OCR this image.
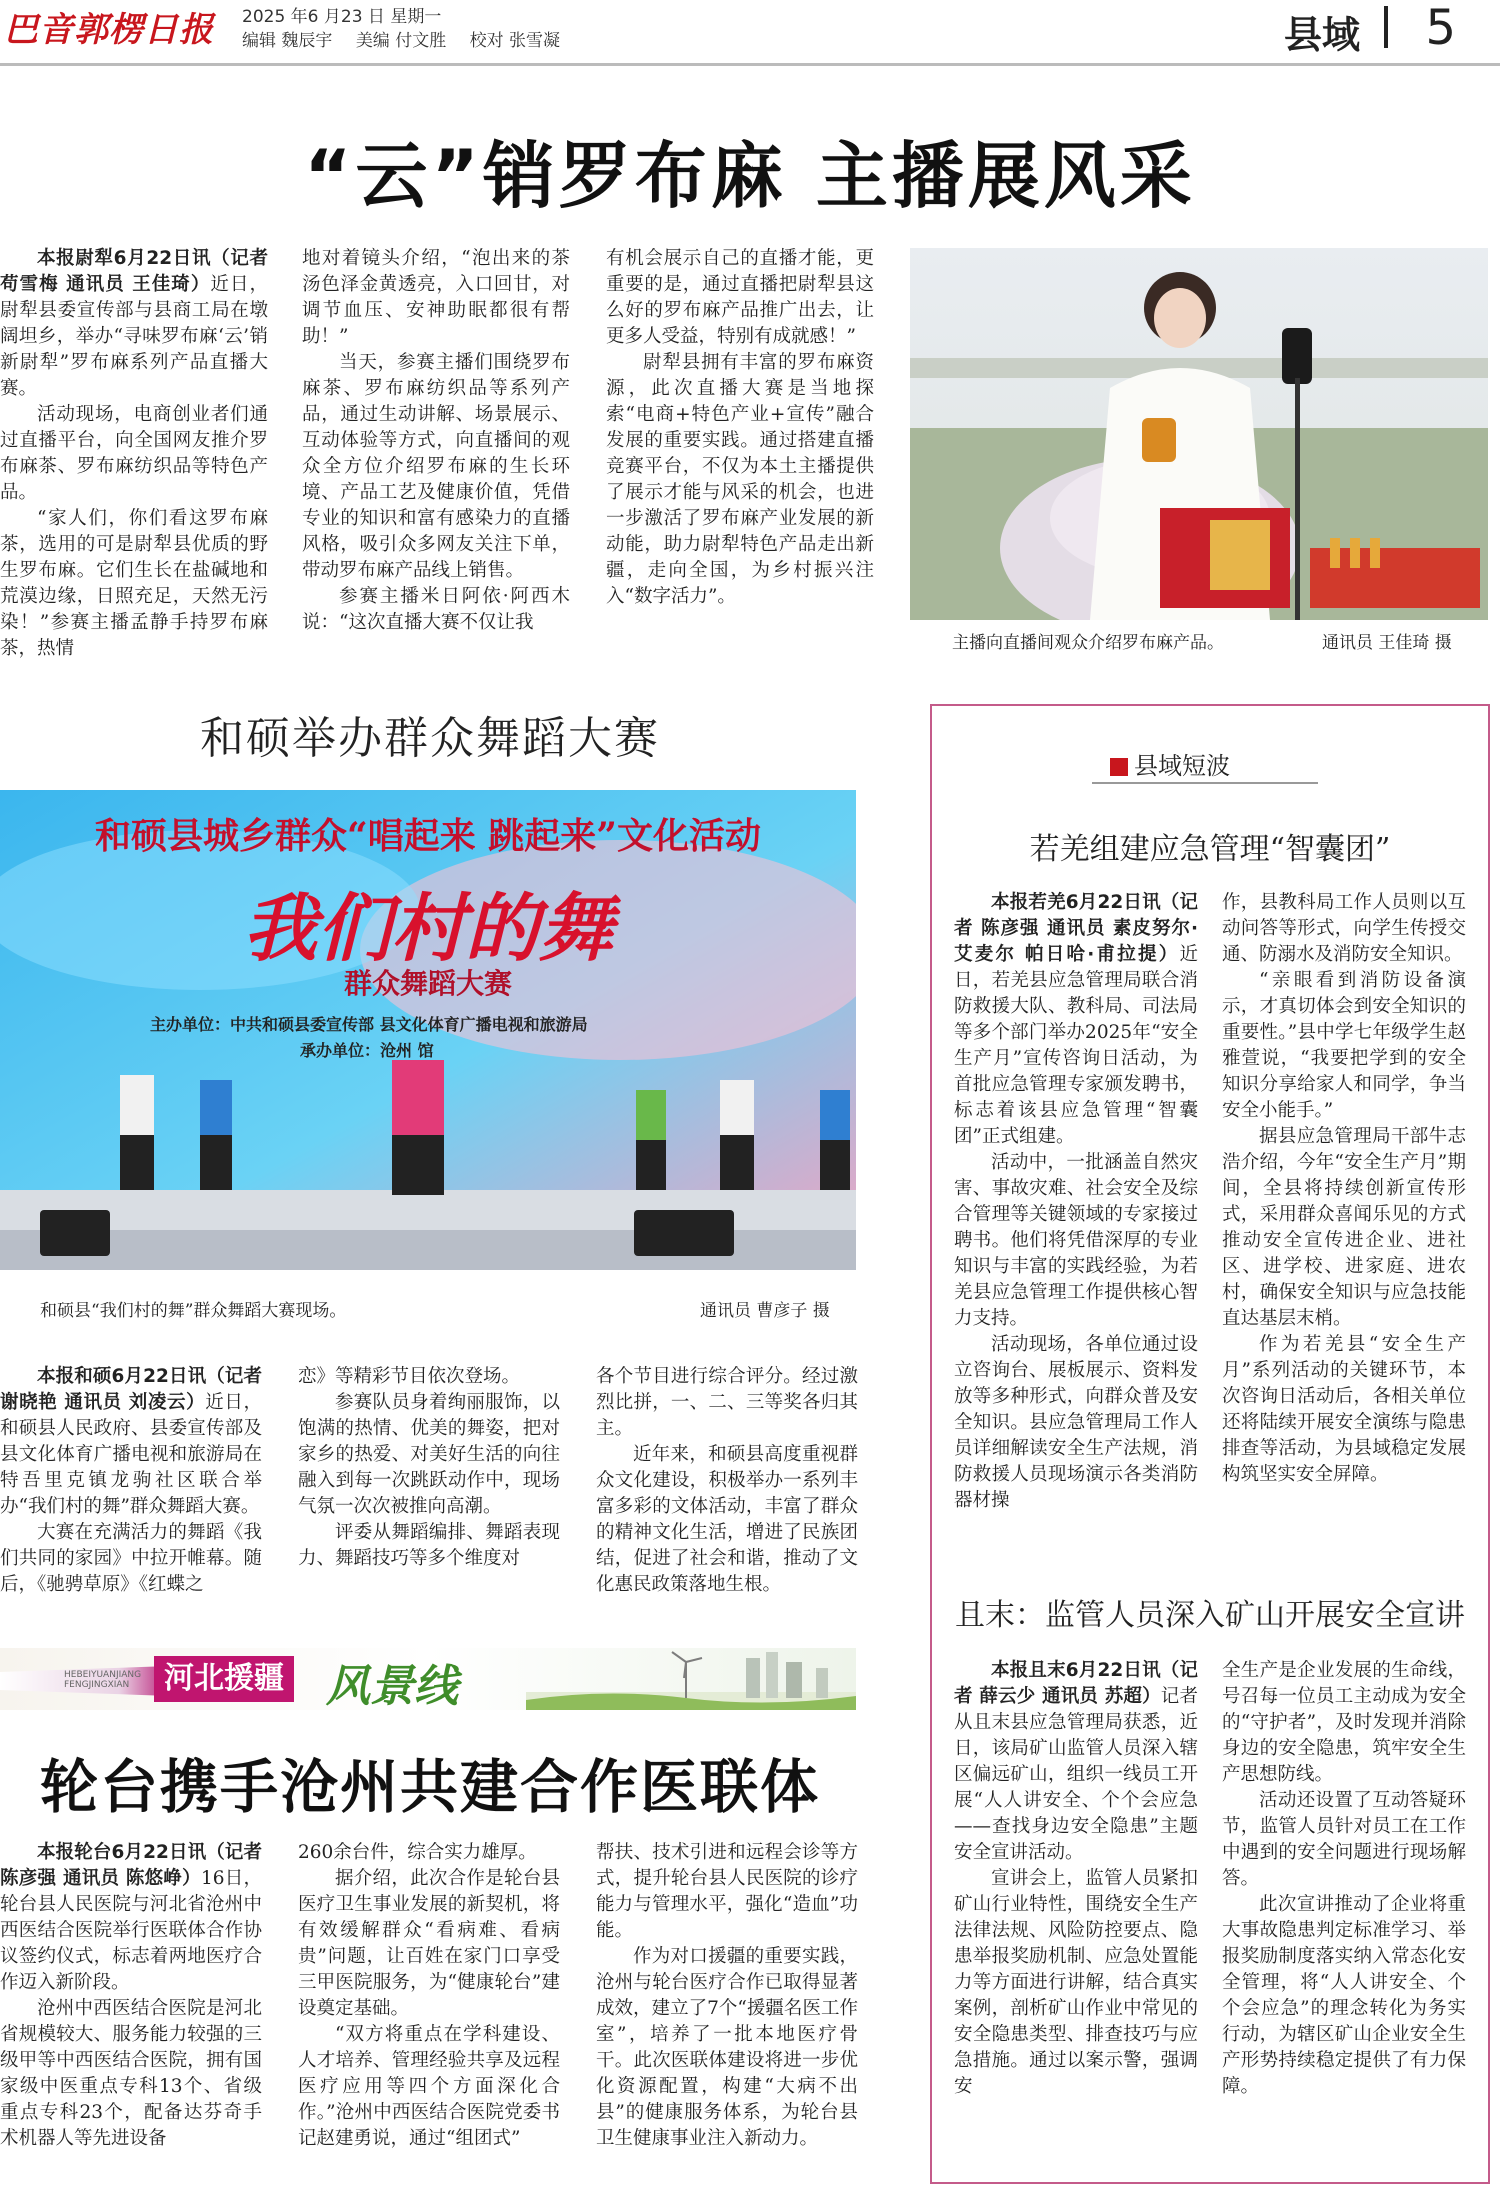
巴音郭楞日报 2025 年6 月23 日 星期一
编辑 魏辰宇 美编 付文胜 校对 张雪凝	县域 5
“云”销罗布麻 主播展风采

本报尉犁6月22日讯（记者 苟雪梅 通讯员 王佳琦）近日，尉犁县委宣传部与县商工局在墩阔坦乡，举办“寻味罗布麻‘云’销新尉犁”罗布麻系列产品直播大赛。

活动现场，电商创业者们通过直播平台，向全国网友推介罗布麻茶、罗布麻纺织品等特色产品。

“家人们，你们看这罗布麻茶，选用的可是尉犁县优质的野生罗布麻。它们生长在盐碱地和荒漠边缘，日照充足，天然无污染！”参赛主播孟静手持罗布麻茶，热情

地对着镜头介绍，“泡出来的茶汤色泽金黄透亮，入口回甘，对调节血压、安神助眠都很有帮助！”

当天，参赛主播们围绕罗布麻茶、罗布麻纺织品等系列产品，通过生动讲解、场景展示、互动体验等方式，向直播间的观众全方位介绍罗布麻的生长环境、产品工艺及健康价值，凭借专业的知识和富有感染力的直播风格，吸引众多网友关注下单，带动罗布麻产品线上销售。

参赛主播米日阿依·阿西木说：“这次直播大赛不仅让我

有机会展示自己的直播才能，更重要的是，通过直播把尉犁县这么好的罗布麻产品推广出去，让更多人受益，特别有成就感！”

尉犁县拥有丰富的罗布麻资源，此次直播大赛是当地探索“电商+特色产业+宣传”融合发展的重要实践。通过搭建直播竞赛平台，不仅为本土主播提供了展示才能与风采的机会，也进一步激活了罗布麻产业发展的新动能，助力尉犁特色产品走出新疆，走向全国，为乡村振兴注入“数字活力”。

主播向直播间观众介绍罗布麻产品。	通讯员 王佳琦 摄
和硕举办群众舞蹈大赛
和硕县城乡群众“唱起来 跳起来”文化活动
我们村的舞
群众舞蹈大赛
主办单位：中共和硕县委宣传部 县文化体育广播电视和旅游局
承办单位：沧州 馆
和硕县“我们村的舞”群众舞蹈大赛现场。	通讯员 曹彦子 摄

本报和硕6月22日讯（记者 谢晓艳 通讯员 刘凌云）近日，和硕县人民政府、县委宣传部及县文化体育广播电视和旅游局在特吾里克镇龙驹社区联合举办“我们村的舞”群众舞蹈大赛。

大赛在充满活力的舞蹈《我们共同的家园》中拉开帷幕。随后，《驰骋草原》《红蝶之

恋》等精彩节目依次登场。

参赛队员身着绚丽服饰，以饱满的热情、优美的舞姿，把对家乡的热爱、对美好生活的向往融入到每一次跳跃动作中，现场气氛一次次被推向高潮。

评委从舞蹈编排、舞蹈表现力、舞蹈技巧等多个维度对

各个节目进行综合评分。经过激烈比拼，一、二、三等奖各归其主。

近年来，和硕县高度重视群众文化建设，积极举办一系列丰富多彩的文体活动，丰富了群众的精神文化生活，增进了民族团结，促进了社会和谐，推动了文化惠民政策落地生根。

县域短波
若羌组建应急管理“智囊团”

本报若羌6月22日讯（记者 陈彦强 通讯员 素皮努尔·艾麦尔 帕日哈·甫拉提）近日，若羌县应急管理局联合消防救援大队、教科局、司法局等多个部门举办2025年“安全生产月”宣传咨询日活动，为首批应急管理专家颁发聘书，标志着该县应急管理“智囊团”正式组建。

活动中，一批涵盖自然灾害、事故灾难、社会安全及综合管理等关键领域的专家接过聘书。他们将凭借深厚的专业知识与丰富的实践经验，为若羌县应急管理工作提供核心智力支持。

活动现场，各单位通过设立咨询台、展板展示、资料发放等多种形式，向群众普及安全知识。县应急管理局工作人员详细解读安全生产法规，消防救援人员现场演示各类消防器材操

作，县教科局工作人员则以互动问答等形式，向学生传授交通、防溺水及消防安全知识。

“亲眼看到消防设备演示，才真切体会到安全知识的重要性。”县中学七年级学生赵雅萱说，“我要把学到的安全知识分享给家人和同学，争当安全小能手。”

据县应急管理局干部牛志浩介绍，今年“安全生产月”期间，全县将持续创新宣传形式，采用群众喜闻乐见的方式推动安全宣传进企业、进社区、进学校、进家庭、进农村，确保安全知识与应急技能直达基层末梢。

作为若羌县“安全生产月”系列活动的关键环节，本次咨询日活动后，各相关单位还将陆续开展安全演练与隐患排查等活动，为县域稳定发展构筑坚实安全屏障。

且末：监管人员深入矿山开展安全宣讲

本报且末6月22日讯（记者 薛云少 通讯员 苏超）记者从且末县应急管理局获悉，近日，该局矿山监管人员深入辖区偏远矿山，组织一线员工开展“人人讲安全、个个会应急——查找身边安全隐患”主题安全宣讲活动。

宣讲会上，监管人员紧扣矿山行业特性，围绕安全生产法律法规、风险防控要点、隐患举报奖励机制、应急处置能力等方面进行讲解，结合真实案例，剖析矿山作业中常见的安全隐患类型、排查技巧与应急措施。通过以案示警，强调安

全生产是企业发展的生命线，号召每一位员工主动成为安全的“守护者”，及时发现并消除身边的安全隐患，筑牢安全生产思想防线。

活动还设置了互动答疑环节，监管人员针对员工在工作中遇到的安全问题进行现场解答。

此次宣讲推动了企业将重大事故隐患判定标准学习、举报奖励制度落实纳入常态化安全管理，将“人人讲安全、个个会应急”的理念转化为务实行动，为辖区矿山企业安全生产形势持续稳定提供了有力保障。

HEBEIYUANJIANG
FENGJINGXIAN	河北援疆 风景线
轮台携手沧州共建合作医联体

本报轮台6月22日讯（记者 陈彦强 通讯员 陈悠峥）16日，轮台县人民医院与河北省沧州中西医结合医院举行医联体合作协议签约仪式，标志着两地医疗合作迈入新阶段。

沧州中西医结合医院是河北省规模较大、服务能力较强的三级甲等中西医结合医院，拥有国家级中医重点专科13个、省级重点专科23个，配备达芬奇手术机器人等先进设备

260余台件，综合实力雄厚。

据介绍，此次合作是轮台县医疗卫生事业发展的新契机，将有效缓解群众“看病难、看病贵”问题，让百姓在家门口享受三甲医院服务，为“健康轮台”建设奠定基础。

“双方将重点在学科建设、人才培养、管理经验共享及远程医疗应用等四个方面深化合作。”沧州中西医结合医院党委书记赵建勇说，通过“组团式”

帮扶、技术引进和远程会诊等方式，提升轮台县人民医院的诊疗能力与管理水平，强化“造血”功能。

作为对口援疆的重要实践，沧州与轮台医疗合作已取得显著成效，建立了7个“援疆名医工作室”，培养了一批本地医疗骨干。此次医联体建设将进一步优化资源配置，构建“大病不出县”的健康服务体系，为轮台县卫生健康事业注入新动力。
